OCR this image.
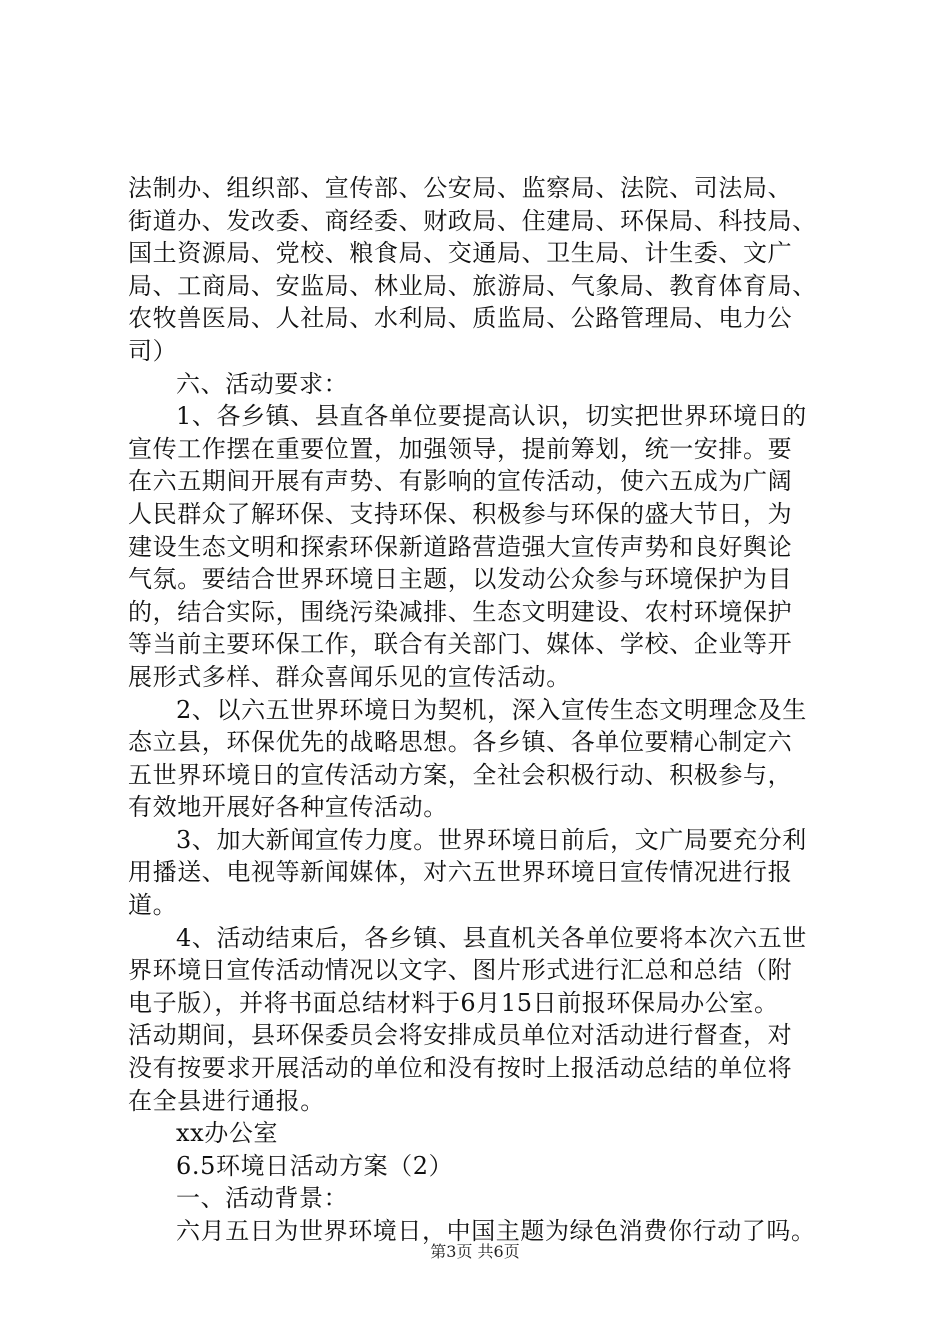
法制办、组织部、宣传部、公安局、监察局、法院、司法局、
街道办、发改委、商经委、财政局、住建局、环保局、科技局、
国土资源局、党校、粮食局、交通局、卫生局、计生委、文广
局、工商局、安监局、林业局、旅游局、气象局、教育体育局、
农牧兽医局、人社局、水利局、质监局、公路管理局、电力公
司）
六、活动要求：
1、各乡镇、县直各单位要提高认识，切实把世界环境日的
宣传工作摆在重要位置，加强领导，提前筹划，统一安排。要
在六五期间开展有声势、有影响的宣传活动，使六五成为广阔
人民群众了解环保、支持环保、积极参与环保的盛大节日，为
建设生态文明和探索环保新道路营造强大宣传声势和良好舆论
气氛。要结合世界环境日主题，以发动公众参与环境保护为目
的，结合实际，围绕污染减排、生态文明建设、农村环境保护
等当前主要环保工作，联合有关部门、媒体、学校、企业等开
展形式多样、群众喜闻乐见的宣传活动。
2、以六五世界环境日为契机，深入宣传生态文明理念及生
态立县，环保优先的战略思想。各乡镇、各单位要精心制定六
五世界环境日的宣传活动方案，全社会积极行动、积极参与，
有效地开展好各种宣传活动。
3、加大新闻宣传力度。世界环境日前后，文广局要充分利
用播送、电视等新闻媒体，对六五世界环境日宣传情况进行报
道。
4、活动结束后，各乡镇、县直机关各单位要将本次六五世
界环境日宣传活动情况以文字、图片形式进行汇总和总结（附
电子版），并将书面总结材料于6月15日前报环保局办公室。
活动期间，县环保委员会将安排成员单位对活动进行督查，对
没有按要求开展活动的单位和没有按时上报活动总结的单位将
在全县进行通报。
xx办公室
6.5环境日活动方案（2）
一、活动背景：
六月五日为世界环境日，中国主题为绿色消费你行动了吗。
第3页 共6页
